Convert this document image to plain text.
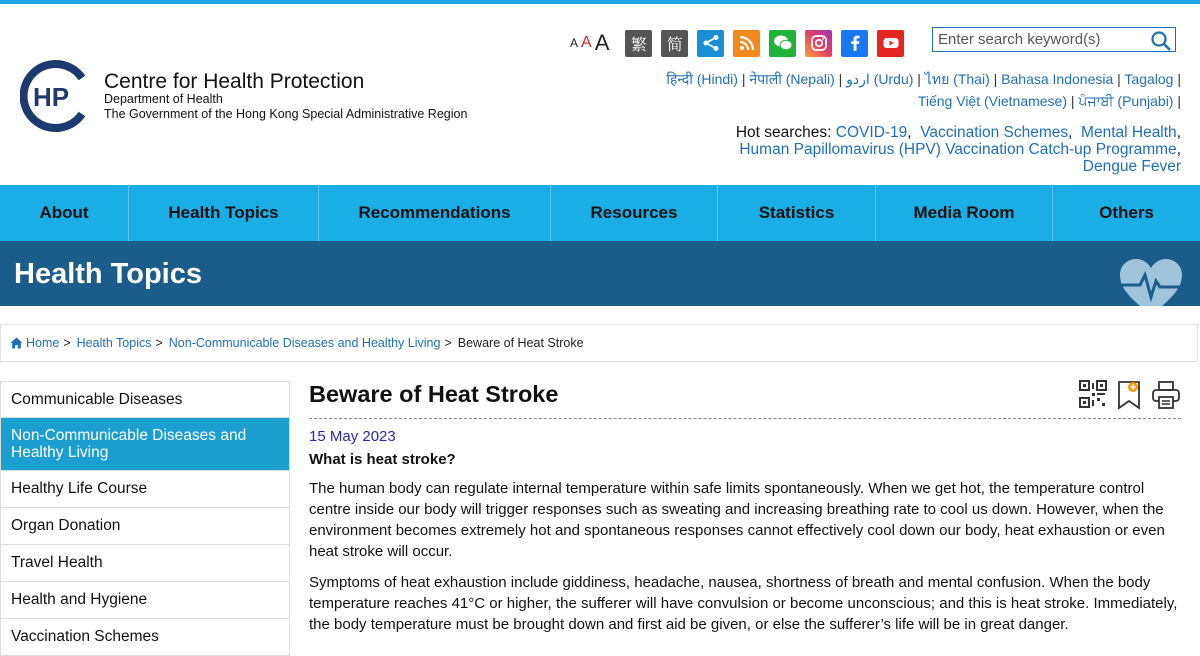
HP
Centre for Health Protection
Department of Health
The Government of the Hong Kong Special Administrative Region
A A A	繁	简
Enter search keyword(s)
हिन्दी (Hindi) | नेपाली (Nepali) | اردو (Urdu) | ไทย (Thai) | Bahasa Indonesia | Tagalog |
Tiếng Việt (Vietnamese) | ਪੰਜਾਬੀ (Punjabi) |
Hot searches: COVID-19,  Vaccination Schemes,  Mental Health,
Human Papillomavirus (HPV) Vaccination Catch-up Programme,
Dengue Fever
About	Health Topics	Recommendations	Resources	Statistics	Media Room	Others
Health Topics
Home > Health Topics > Non-Communicable Diseases and Healthy Living > Beware of Heat Stroke
Communicable Diseases
Non-Communicable Diseases and Healthy Living
Healthy Life Course
Organ Donation
Travel Health
Health and Hygiene
Vaccination Schemes
Beware of Heat Stroke
15 May 2023
What is heat stroke?
The human body can regulate internal temperature within safe limits spontaneously. When we get hot, the temperature control centre inside our body will trigger responses such as sweating and increasing breathing rate to cool us down. However, when the environment becomes extremely hot and spontaneous responses cannot effectively cool down our body, heat exhaustion or even heat stroke will occur.
Symptoms of heat exhaustion include giddiness, headache, nausea, shortness of breath and mental confusion. When the body temperature reaches 41°C or higher, the sufferer will have convulsion or become unconscious; and this is heat stroke. Immediately, the body temperature must be brought down and first aid be given, or else the sufferer’s life will be in great danger.
